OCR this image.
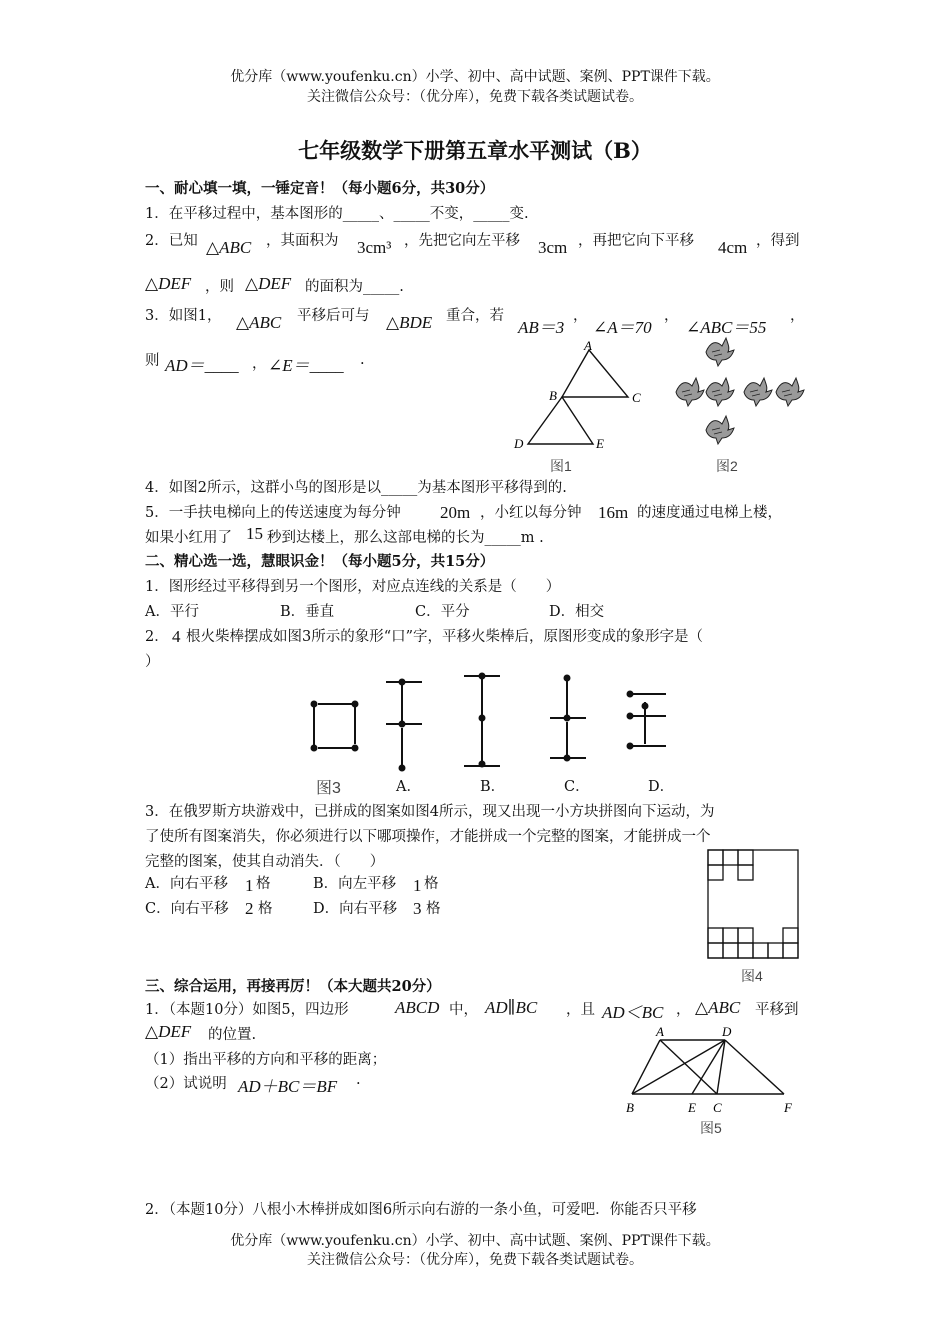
优分库（www.youfenku.cn）小学、初中、高中试题、案例、PPT课件下载。
关注微信公众号：（优分库），免费下载各类试题试卷。
七年级数学下册第五章水平测试（B）
一、耐心填一填，一锤定音！（每小题6分，共30分）
1．在平移过程中，基本图形的_____、_____不变，_____变.
2．已知 △ABC ，其面积为 3cm³ ，先把它向左平移 3cm ，再把它向下平移 4cm ，得到
△DEF ，则 △DEF 的面积为_____.
3．如图1， △ABC 平移后可与 △BDE 重合，若
AB＝3
，
∠A＝70
，
∠ABC＝55
，
则 AD＝____ ， ∠E＝____ .
A
B	C
D	E
图1	图2
4．如图2所示，这群小鸟的图形是以_____为基本图形平移得到的.
5．一手扶电梯向上的传送速度为每分钟 20m ，小红以每分钟 16m 的速度通过电梯上楼，
如果小红用了 15 秒到达楼上，那么这部电梯的长为_____m .
二、精心选一选，慧眼识金！（每小题5分，共15分）
1．图形经过平移得到另一个图形，对应点连线的关系是（　　）
A．平行	B．垂直	C．平分	D．相交
2． 4 根火柴棒摆成如图3所示的象形“口”字，平移火柴棒后，原图形变成的象形字是（
）
图3	A．	B．	C．	D．
3．在俄罗斯方块游戏中，已拼成的图案如图4所示，现又出现一小方块拼图向下运动，为
了使所有图案消失，你必须进行以下哪项操作，才能拼成一个完整的图案，才能拼成一个
完整的图案，使其自动消失．（　　）
A．向右平移 1 格	B．向左平移 1 格
C．向右平移 2 格	D．向右平移 3 格
图4
三、综合运用，再接再厉！（本大题共20分）
1．（本题10分）如图5，四边形	ABCD 中， AD∥BC ，且 AD＜BC ， △ABC 平移到
△DEF 的位置.
（1）指出平移的方向和平移的距离；
（2）试说明 AD＋BC＝BF .
A	D
B	E C	F
图5
2．（本题10分）八根小木棒拼成如图6所示向右游的一条小鱼，可爱吧．你能否只平移
优分库（www.youfenku.cn）小学、初中、高中试题、案例、PPT课件下载。
关注微信公众号：（优分库），免费下载各类试题试卷。
